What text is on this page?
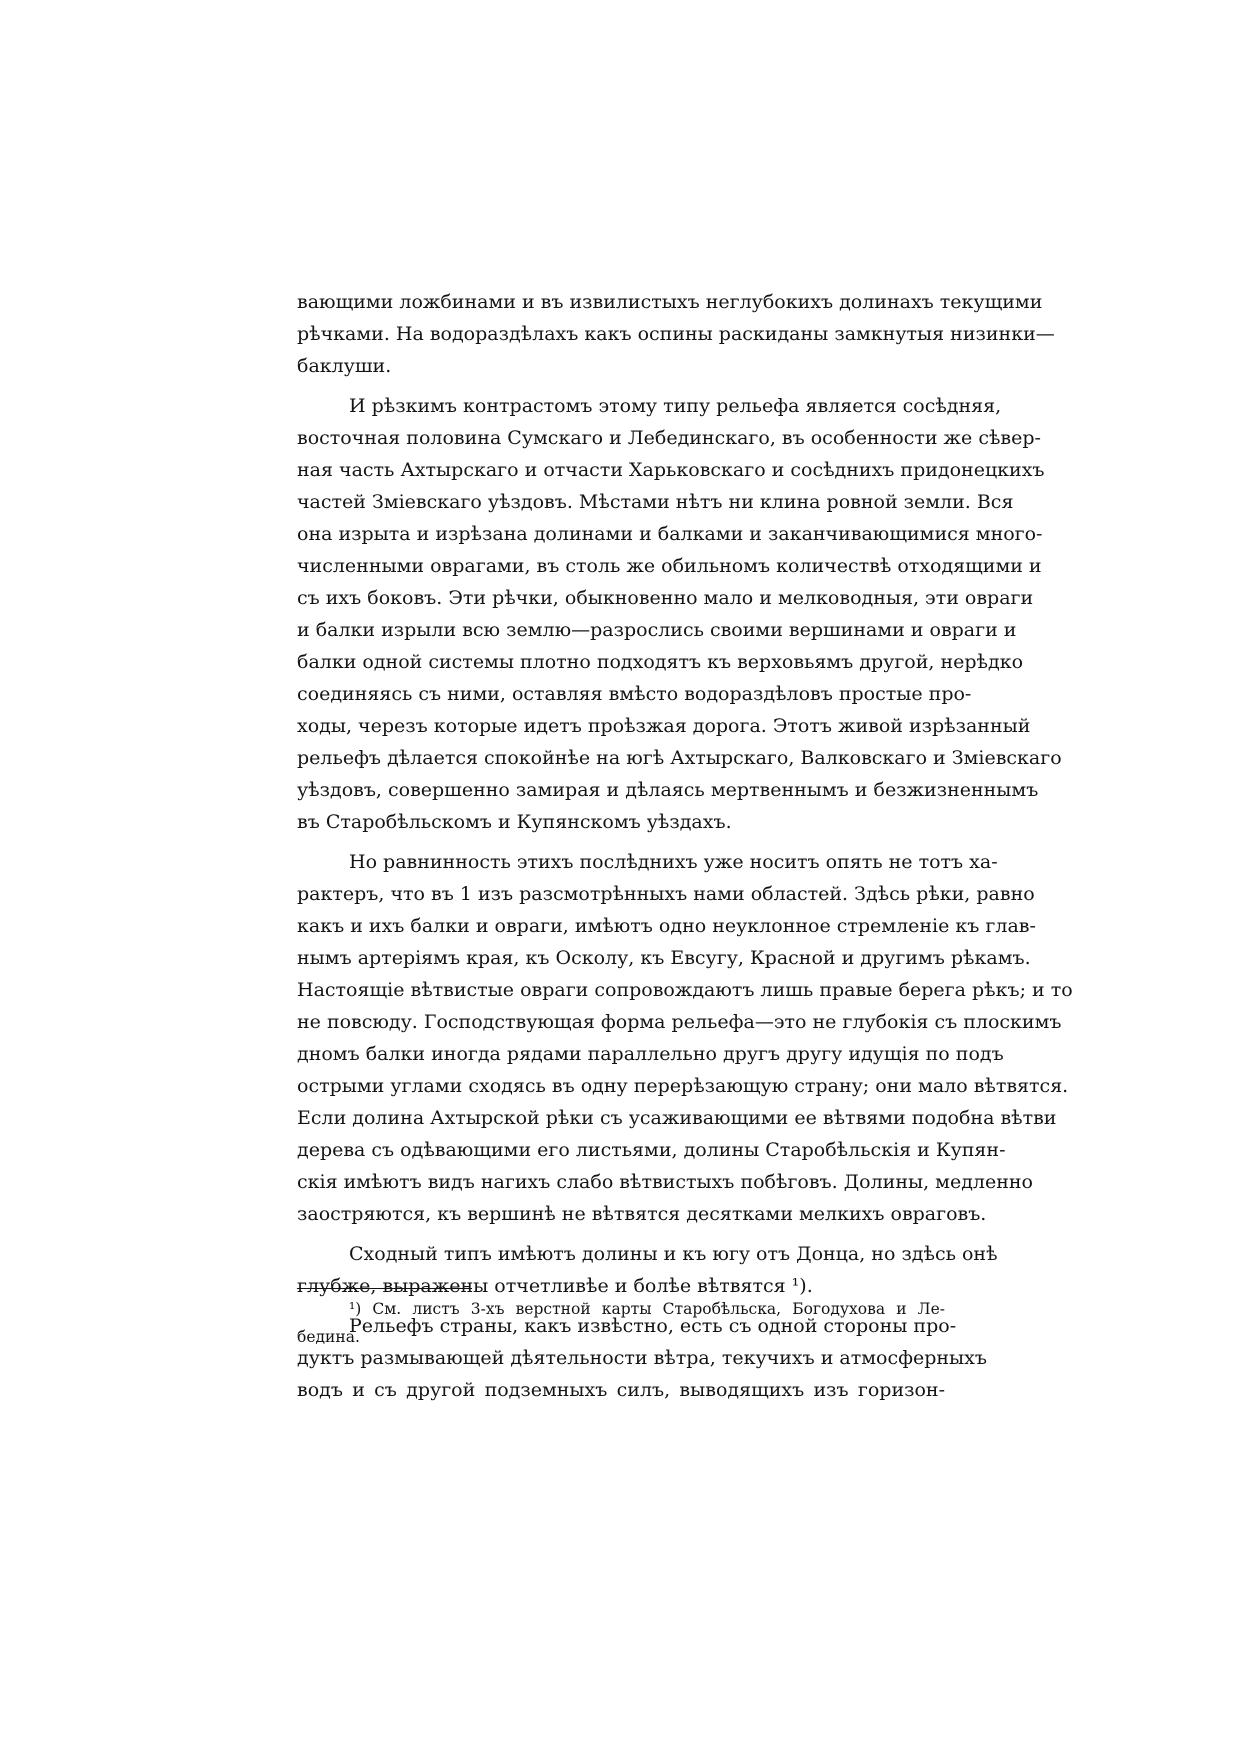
вающими ложбинами и въ извилистыхъ неглубокихъ долинахъ текущими
рѣчками. На водораздѣлахъ какъ оспины раскиданы замкнутыя низинки—
баклуши.
И рѣзкимъ контрастомъ этому типу рельефа является сосѣдняя,
восточная половина Сумскаго и Лебединскаго, въ особенности же сѣвер-
ная часть Ахтырскаго и отчасти Харьковскаго и сосѣднихъ придонецкихъ
частей Зміевскаго уѣздовъ. Мѣстами нѣтъ ни клина ровной земли. Вся
она изрыта и изрѣзана долинами и балками и заканчивающимися много-
численными оврагами, въ столь же обильномъ количествѣ отходящими и
съ ихъ боковъ. Эти рѣчки, обыкновенно мало и мелководныя, эти овраги
и балки изрыли всю землю—разрослись своими вершинами и овраги и
балки одной системы плотно подходятъ къ верховьямъ другой, нерѣдко
соединяясь съ ними, оставляя вмѣсто водораздѣловъ простые про-
ходы, черезъ которые идетъ проѣзжая дорога. Этотъ живой изрѣзанный
рельефъ дѣлается спокойнѣе на югѣ Ахтырскаго, Валковскаго и Зміевскаго
уѣздовъ, совершенно замирая и дѣлаясь мертвеннымъ и безжизненнымъ
въ Старобѣльскомъ и Купянскомъ уѣздахъ.
Но равнинность этихъ послѣднихъ уже носитъ опять не тотъ ха-
рактеръ, что въ 1 изъ разсмотрѣнныхъ нами областей. Здѣсь рѣки, равно
какъ и ихъ балки и овраги, имѣютъ одно неуклонное стремленіе къ глав-
нымъ артеріямъ края, къ Осколу, къ Евсугу, Красной и другимъ рѣкамъ.
Настоящіе вѣтвистые овраги сопровождаютъ лишь правые берега рѣкъ; и то
не повсюду. Господствующая форма рельефа—это не глубокія съ плоскимъ
дномъ балки иногда рядами параллельно другъ другу идущія по подъ
острыми углами сходясь въ одну перерѣзающую страну; они мало вѣтвятся.
Если долина Ахтырской рѣки съ усаживающими ее вѣтвями подобна вѣтви
дерева съ одѣвающими его листьями, долины Старобѣльскія и Купян-
скія имѣютъ видъ нагихъ слабо вѣтвистыхъ побѣговъ. Долины, медленно
заостряются, къ вершинѣ не вѣтвятся десятками мелкихъ овраговъ.
Сходный типъ имѣютъ долины и къ югу отъ Донца, но здѣсь онѣ
глубже, выражены отчетливѣе и болѣе вѣтвятся ¹).
Рельефъ страны, какъ извѣстно, есть съ одной стороны про-
дуктъ размывающей дѣятельности вѣтра, текучихъ и атмосферныхъ
водъ и съ другой подземныхъ силъ, выводящихъ изъ горизон-
¹) См. листъ 3-хъ верстной карты Старобѣльска, Богодухова и Ле-
бедина.
